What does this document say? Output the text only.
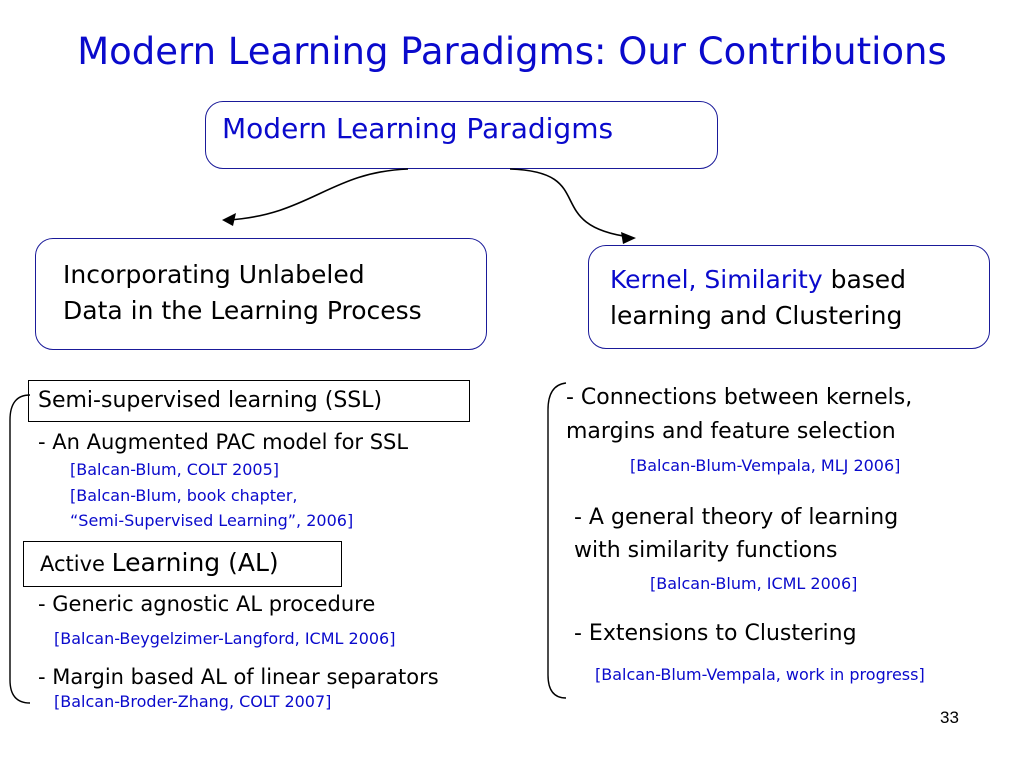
Modern Learning Paradigms: Our Contributions
Modern Learning Paradigms
Incorporating Unlabeled
Data in the Learning Process
Kernel, Similarity based
learning and Clustering
Semi-supervised learning (SSL)
- An Augmented PAC model for SSL
[Balcan-Blum, COLT 2005]
[Balcan-Blum, book chapter,
“Semi-Supervised Learning”, 2006]
Active Learning (AL)
- Generic agnostic AL procedure
[Balcan-Beygelzimer-Langford, ICML 2006]
- Margin based AL of linear separators
[Balcan-Broder-Zhang, COLT 2007]
- Connections between kernels,
margins and feature selection
[Balcan-Blum-Vempala, MLJ 2006]
- A general theory of learning
with similarity functions
[Balcan-Blum, ICML 2006]
- Extensions to Clustering
[Balcan-Blum-Vempala, work in progress]
33
